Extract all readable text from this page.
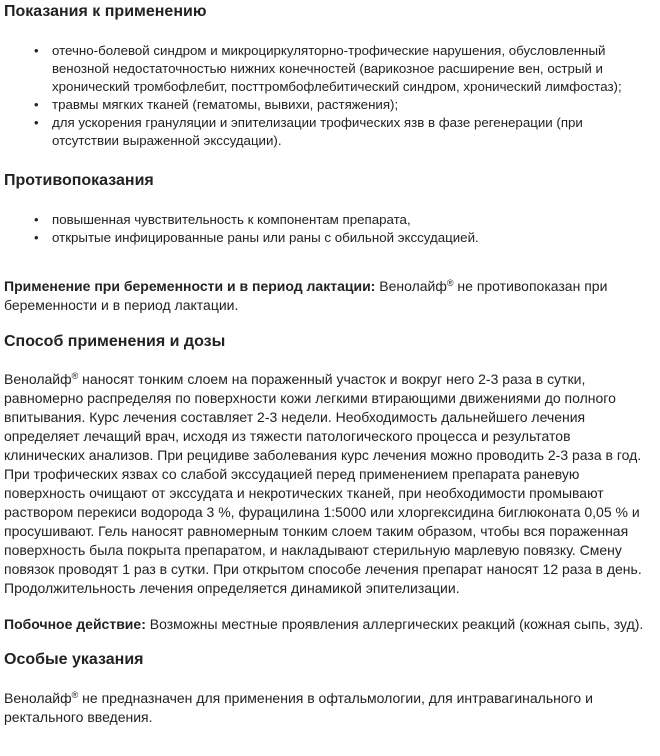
Показания к применению
• отечно-болевой синдром и микроциркуляторно-трофические нарушения, обусловленный венозной недостаточностью нижних конечностей (варикозное расширение вен, острый и хронический тромбофлебит, посттромбофлебитический синдром, хронический лимфостаз);
• травмы мягких тканей (гематомы, вывихи, растяжения);
• для ускорения грануляции и эпителизации трофических язв в фазе регенерации (при отсутствии выраженной экссудации).
Противопоказания
• повышенная чувствительность к компонентам препарата,
• открытые инфицированные раны или раны с обильной экссудацией.

Применение при беременности и в период лактации: Венолайф® не противопоказан при беременности и в период лактации.

Способ применения и дозы

Венолайф® наносят тонким слоем на пораженный участок и вокруг него 2-3 раза в сутки, равномерно распределяя по поверхности кожи легкими втирающими движениями до полного впитывания. Курс лечения составляет 2-3 недели. Необходимость дальнейшего лечения определяет лечащий врач, исходя из тяжести патологического процесса и результатов клинических анализов. При рецидиве заболевания курс лечения можно проводить 2-3 раза в год. При трофических язвах со слабой экссудацией перед применением препарата раневую поверхность очищают от экссудата и некротических тканей, при необходимости промывают раствором перекиси водорода 3 %, фурацилина 1:5000 или хлоргексидина биглюконата 0,05 % и просушивают. Гель наносят равномерным тонким слоем таким образом, чтобы вся пораженная поверхность была покрыта препаратом, и накладывают стерильную марлевую повязку. Смену повязок проводят 1 раз в сутки. При открытом способе лечения препарат наносят 12 раза в день. Продолжительность лечения определяется динамикой эпителизации.

Побочное действие: Возможны местные проявления аллергических реакций (кожная сыпь, зуд).

Особые указания

Венолайф® не предназначен для применения в офтальмологии, для интравагинального и ректального введения.
